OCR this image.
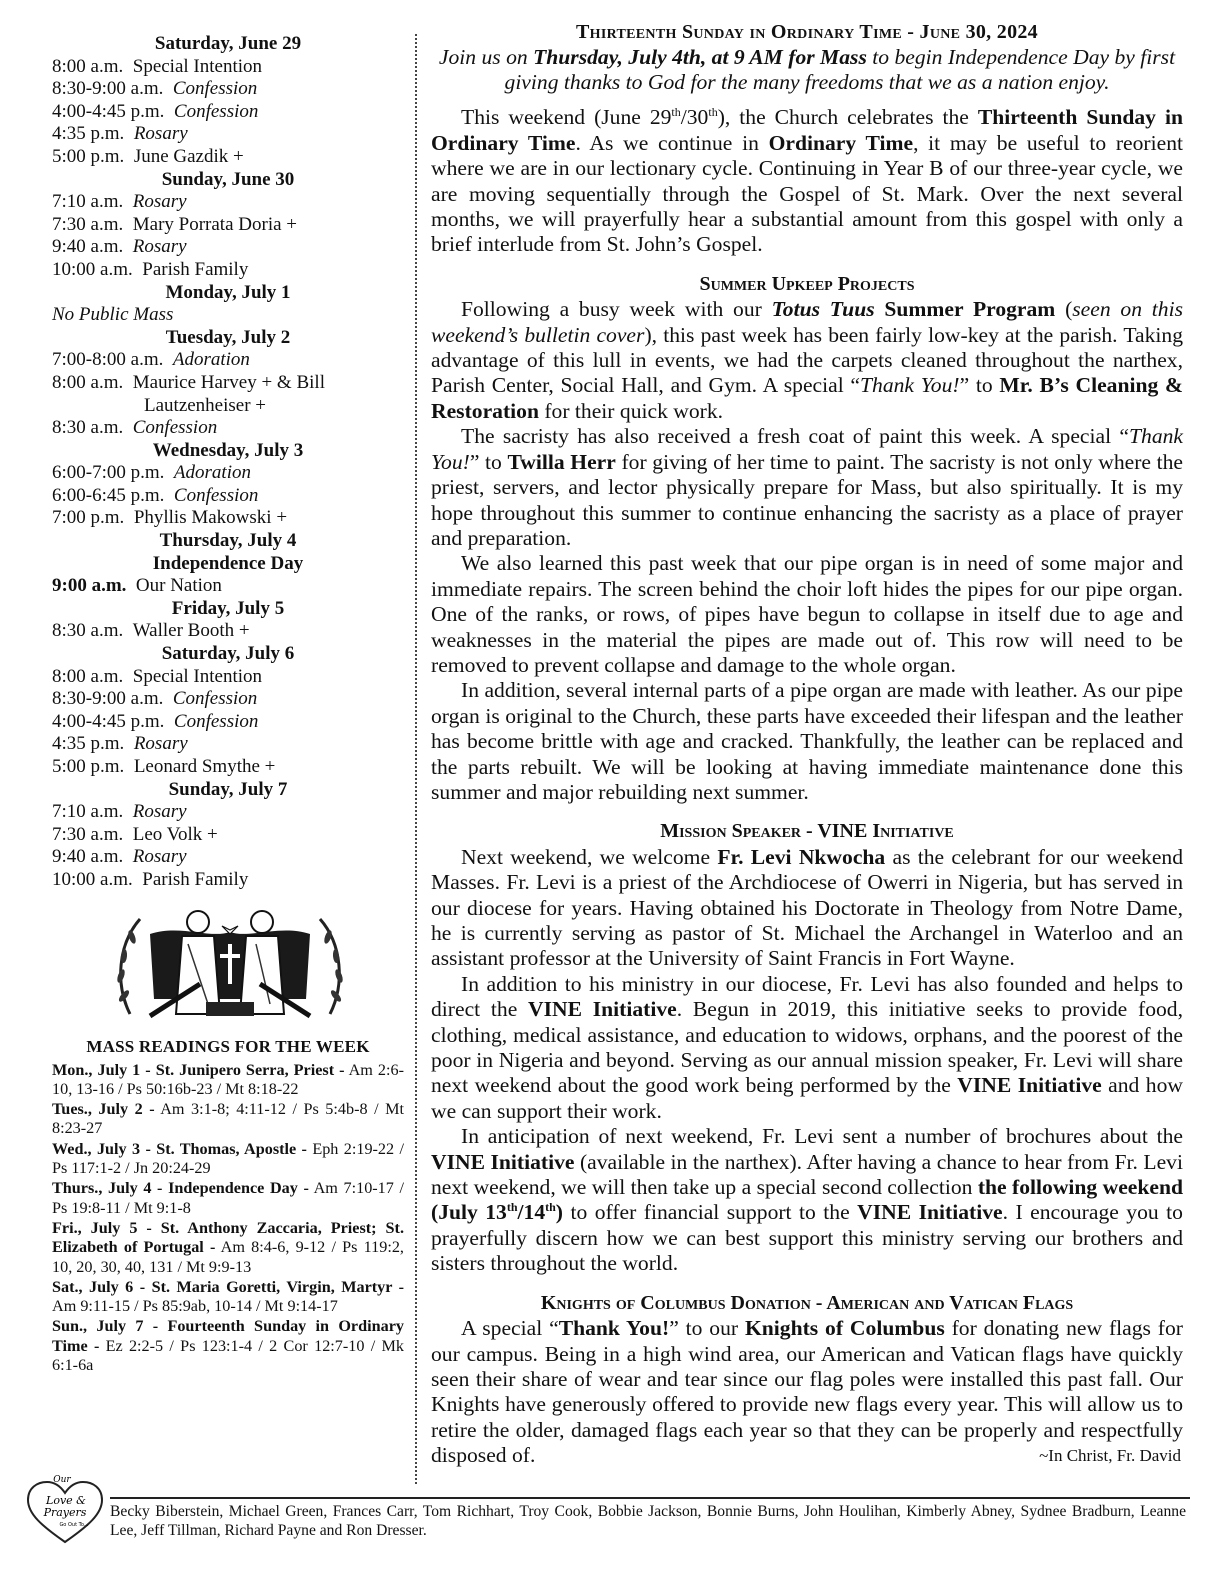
Saturday, June 29
8:00 a.m. Special Intention
8:30-9:00 a.m. Confession
4:00-4:45 p.m. Confession
4:35 p.m. Rosary
5:00 p.m. June Gazdik +
Sunday, June 30
7:10 a.m. Rosary
7:30 a.m. Mary Porrata Doria +
9:40 a.m. Rosary
10:00 a.m. Parish Family
Monday, July 1
No Public Mass
Tuesday, July 2
7:00-8:00 a.m. Adoration
8:00 a.m. Maurice Harvey + & Bill
Lautzenheiser +
8:30 a.m. Confession
Wednesday, July 3
6:00-7:00 p.m. Adoration
6:00-6:45 p.m. Confession
7:00 p.m. Phyllis Makowski +
Thursday, July 4
Independence Day
9:00 a.m. Our Nation
Friday, July 5
8:30 a.m. Waller Booth +
Saturday, July 6
8:00 a.m. Special Intention
8:30-9:00 a.m. Confession
4:00-4:45 p.m. Confession
4:35 p.m. Rosary
5:00 p.m. Leonard Smythe +
Sunday, July 7
7:10 a.m. Rosary
7:30 a.m. Leo Volk +
9:40 a.m. Rosary
10:00 a.m. Parish Family
MASS READINGS FOR THE WEEK
Mon., July 1 - St. Junipero Serra, Priest - Am 2:6-10, 13-16 / Ps 50:16b-23 / Mt 8:18-22
Tues., July 2 - Am 3:1-8; 4:11-12 / Ps 5:4b-8 / Mt 8:23-27
Wed., July 3 - St. Thomas, Apostle - Eph 2:19-22 / Ps 117:1-2 / Jn 20:24-29
Thurs., July 4 - Independence Day - Am 7:10-17 / Ps 19:8-11 / Mt 9:1-8
Fri., July 5 - St. Anthony Zaccaria, Priest; St. Elizabeth of Portugal - Am 8:4-6, 9-12 / Ps 119:2, 10, 20, 30, 40, 131 / Mt 9:9-13
Sat., July 6 - St. Maria Goretti, Virgin, Martyr - Am 9:11-15 / Ps 85:9ab, 10-14 / Mt 9:14-17
Sun., July 7 - Fourteenth Sunday in Ordinary Time - Ez 2:2-5 / Ps 123:1-4 / 2 Cor 12:7-10 / Mk 6:1-6a
Thirteenth Sunday in Ordinary Time - June 30, 2024
Join us on Thursday, July 4th, at 9 AM for Mass to begin Independence Day by first giving thanks to God for the many freedoms that we as a nation enjoy.

This weekend (June 29th/30th), the Church celebrates the Thirteenth Sunday in Ordinary Time. As we continue in Ordinary Time, it may be useful to reorient where we are in our lectionary cycle. Continuing in Year B of our three-year cycle, we are moving sequentially through the Gospel of St. Mark. Over the next several months, we will prayerfully hear a substantial amount from this gospel with only a brief interlude from St. John’s Gospel.

Summer Upkeep Projects

Following a busy week with our Totus Tuus Summer Program (seen on this weekend’s bulletin cover), this past week has been fairly low-key at the parish. Taking advantage of this lull in events, we had the carpets cleaned throughout the narthex, Parish Center, Social Hall, and Gym. A special “Thank You!” to Mr. B’s Cleaning & Restoration for their quick work.

The sacristy has also received a fresh coat of paint this week. A special “Thank You!” to Twilla Herr for giving of her time to paint. The sacristy is not only where the priest, servers, and lector physically prepare for Mass, but also spiritually. It is my hope throughout this summer to continue enhancing the sacristy as a place of prayer and preparation.

We also learned this past week that our pipe organ is in need of some major and immediate repairs. The screen behind the choir loft hides the pipes for our pipe organ. One of the ranks, or rows, of pipes have begun to collapse in itself due to age and weaknesses in the material the pipes are made out of. This row will need to be removed to prevent collapse and damage to the whole organ.

In addition, several internal parts of a pipe organ are made with leather. As our pipe organ is original to the Church, these parts have exceeded their lifespan and the leather has become brittle with age and cracked. Thankfully, the leather can be replaced and the parts rebuilt. We will be looking at having immediate maintenance done this summer and major rebuilding next summer.

Mission Speaker - VINE Initiative

Next weekend, we welcome Fr. Levi Nkwocha as the celebrant for our weekend Masses. Fr. Levi is a priest of the Archdiocese of Owerri in Nigeria, but has served in our diocese for years. Having obtained his Doctorate in Theology from Notre Dame, he is currently serving as pastor of St. Michael the Archangel in Waterloo and an assistant professor at the University of Saint Francis in Fort Wayne.

In addition to his ministry in our diocese, Fr. Levi has also founded and helps to direct the VINE Initiative. Begun in 2019, this initiative seeks to provide food, clothing, medical assistance, and education to widows, orphans, and the poorest of the poor in Nigeria and beyond. Serving as our annual mission speaker, Fr. Levi will share next weekend about the good work being performed by the VINE Initiative and how we can support their work.

In anticipation of next weekend, Fr. Levi sent a number of brochures about the VINE Initiative (available in the narthex). After having a chance to hear from Fr. Levi next weekend, we will then take up a special second collection the following weekend (July 13th/14th) to offer financial support to the VINE Initiative. I encourage you to prayerfully discern how we can best support this ministry serving our brothers and sisters throughout the world.

Knights of Columbus Donation - American and Vatican Flags

A special “Thank You!” to our Knights of Columbus for donating new flags for our campus. Being in a high wind area, our American and Vatican flags have quickly seen their share of wear and tear since our flag poles were installed this past fall. Our Knights have generously offered to provide new flags every year. This will allow us to retire the older, damaged flags each year so that they can be properly and respectfully disposed of.	~In Christ, Fr. David
Our
Love &
Prayers
Go Out To...
Becky Biberstein, Michael Green, Frances Carr, Tom Richhart, Troy Cook, Bobbie Jackson, Bonnie Burns, John Houlihan, Kimberly Abney, Sydnee Bradburn, Leanne Lee, Jeff Tillman, Richard Payne and Ron Dresser.
